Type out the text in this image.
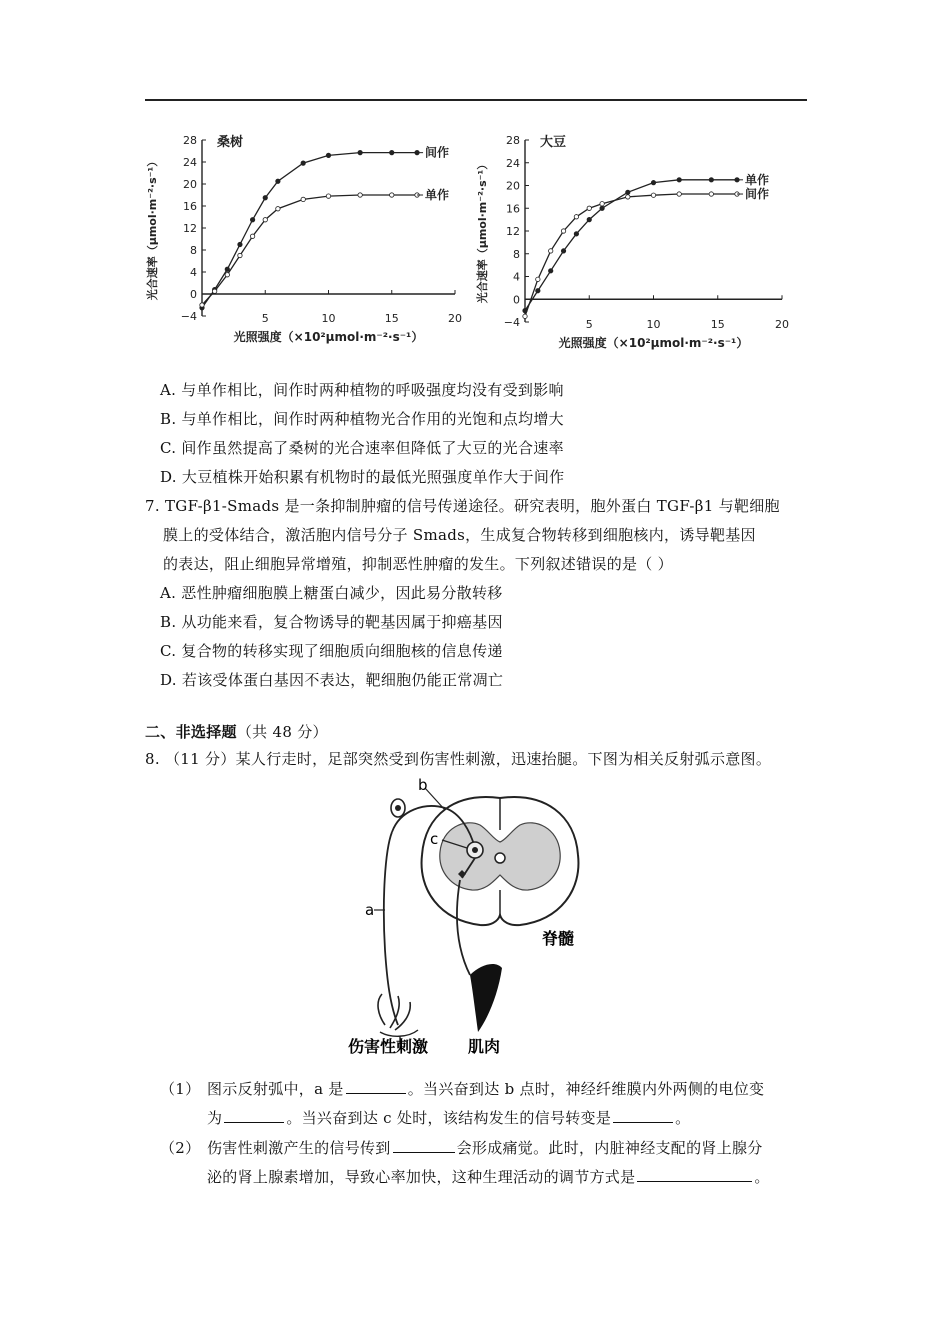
−4
0
4
8
12
16
20
24
28
5	10	15	20
桑树
光照强度（×10²μmol·m⁻²·s⁻¹）
光合速率（μmol·m⁻²·s⁻¹）
间作
单作
−4
0
4
8
12
16
20
24
28
5	10	15	20
大豆
光照强度（×10²μmol·m⁻²·s⁻¹）
光合速率（μmol·m⁻²·s⁻¹）	单作
间作
A. 与单作相比，间作时两种植物的呼吸强度均没有受到影响
B. 与单作相比，间作时两种植物光合作用的光饱和点均增大
C. 间作虽然提高了桑树的光合速率但降低了大豆的光合速率
D. 大豆植株开始积累有机物时的最低光照强度单作大于间作
7. TGF-β1-Smads 是一条抑制肿瘤的信号传递途径。研究表明，胞外蛋白 TGF-β1 与靶细胞
膜上的受体结合，激活胞内信号分子 Smads，生成复合物转移到细胞核内，诱导靶基因
的表达，阻止细胞异常增殖，抑制恶性肿瘤的发生。下列叙述错误的是（ ）
A. 恶性肿瘤细胞膜上糖蛋白减少，因此易分散转移
B. 从功能来看，复合物诱导的靶基因属于抑癌基因
C. 复合物的转移实现了细胞质向细胞核的信息传递
D. 若该受体蛋白基因不表达，靶细胞仍能正常凋亡
二、非选择题（共 48 分）
8. （11 分）某人行走时，足部突然受到伤害性刺激，迅速抬腿。下图为相关反射弧示意图。
b
c
a
脊髓
伤害性刺激 肌肉
（1） 图示反射弧中，a 是	。当兴奋到达 b 点时，神经纤维膜内外两侧的电位变
为	。当兴奋到达 c 处时，该结构发生的信号转变是	。
（2） 伤害性刺激产生的信号传到	会形成痛觉。此时，内脏神经支配的肾上腺分
泌的肾上腺素增加，导致心率加快，这种生理活动的调节方式是	。
